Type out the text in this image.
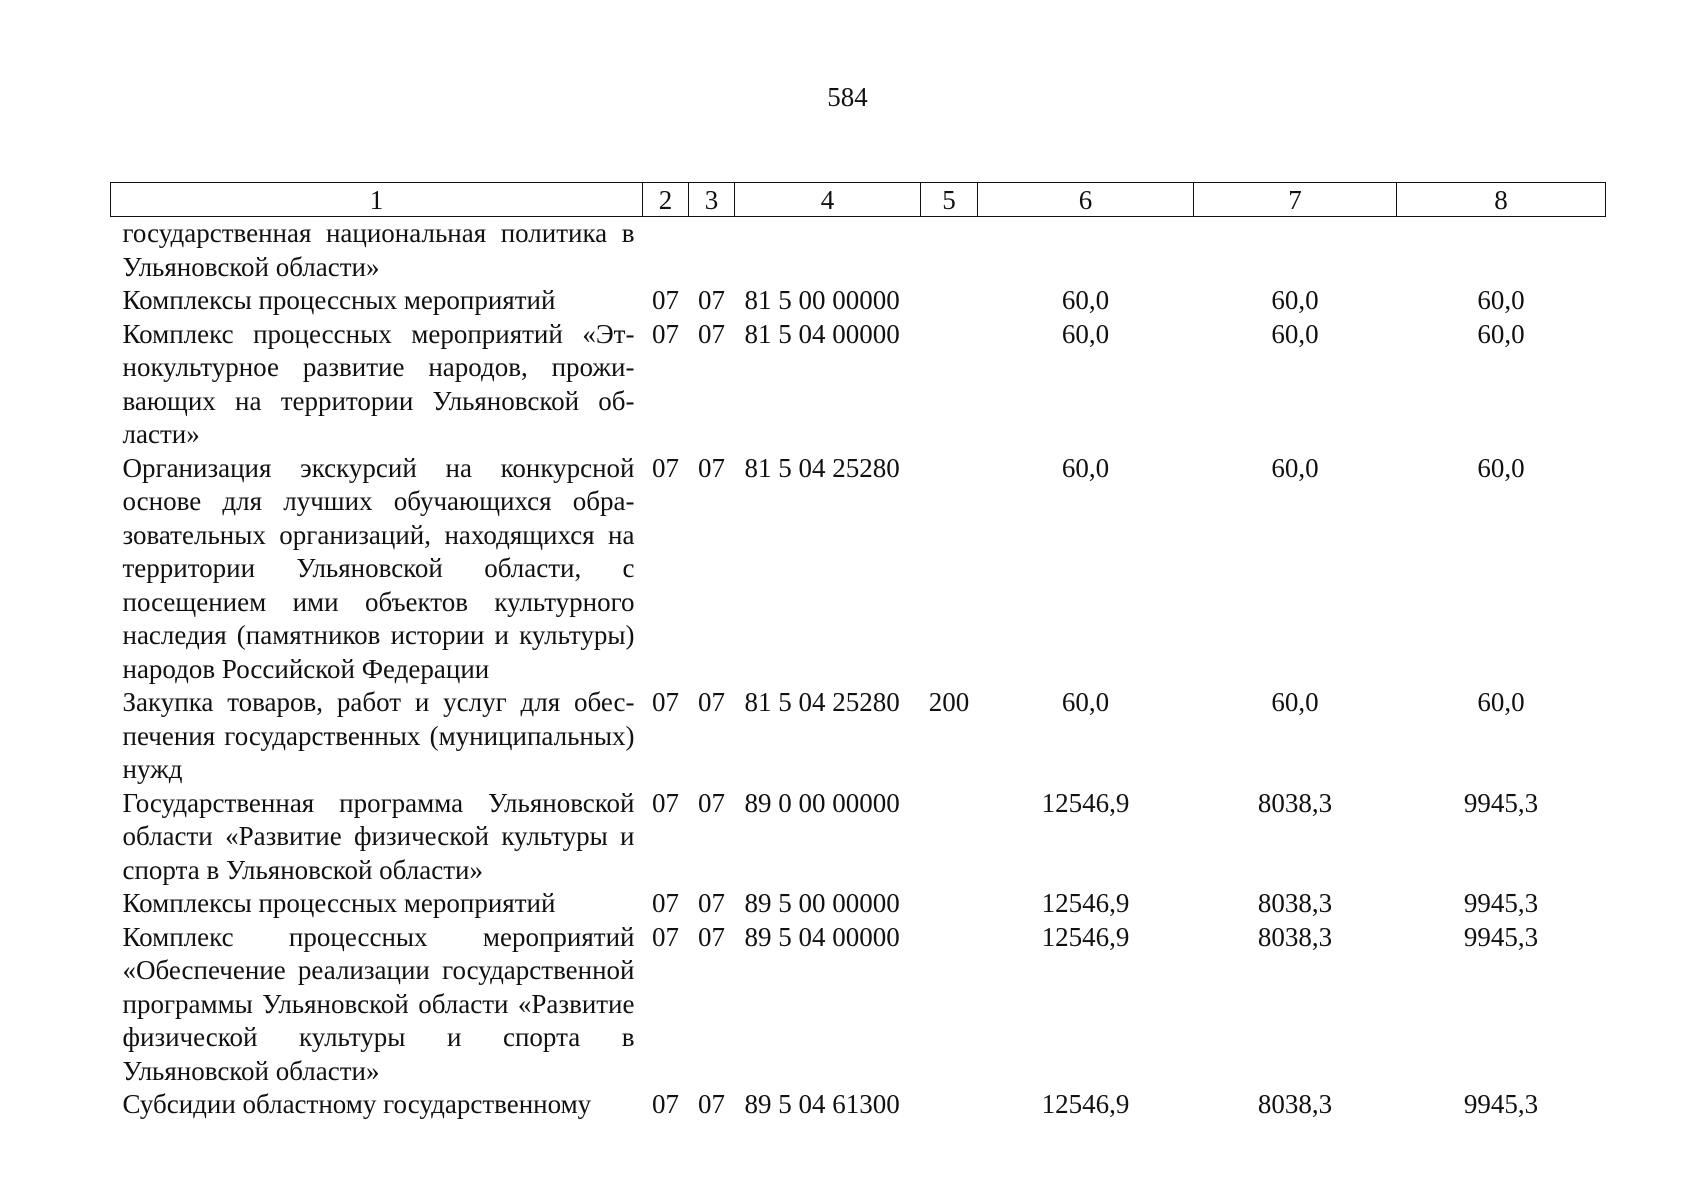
584
1	2	3	4	5	6	7	8
государственная национальная политика в Ульяновской области»							
Комплексы процессных мероприятий	07	07	81 5 00 00000		60,0	60,0	60,0
Комплекс процессных мероприятий «Этнокультурное развитие народов, проживающих на территории Ульяновской области»	07	07	81 5 04 00000		60,0	60,0	60,0
Организация экскурсий на конкурсной основе для лучших обучающихся образовательных организаций, находящихся на территории Ульяновской области, с посещением ими объектов культурного наследия (памятников истории и культуры) народов Российской Федерации	07	07	81 5 04 25280		60,0	60,0	60,0
Закупка товаров, работ и услуг для обеспечения государственных (муниципальных) нужд	07	07	81 5 04 25280	200	60,0	60,0	60,0
Государственная программа Ульяновской области «Развитие физической культуры и спорта в Ульяновской области»	07	07	89 0 00 00000		12546,9	8038,3	9945,3
Комплексы процессных мероприятий	07	07	89 5 00 00000		12546,9	8038,3	9945,3
Комплекс процессных мероприятий «Обеспечение реализации государственной программы Ульяновской области «Развитие физической культуры и спорта в Ульяновской области»	07	07	89 5 04 00000		12546,9	8038,3	9945,3
Субсидии областному государственному	07	07	89 5 04 61300		12546,9	8038,3	9945,3
